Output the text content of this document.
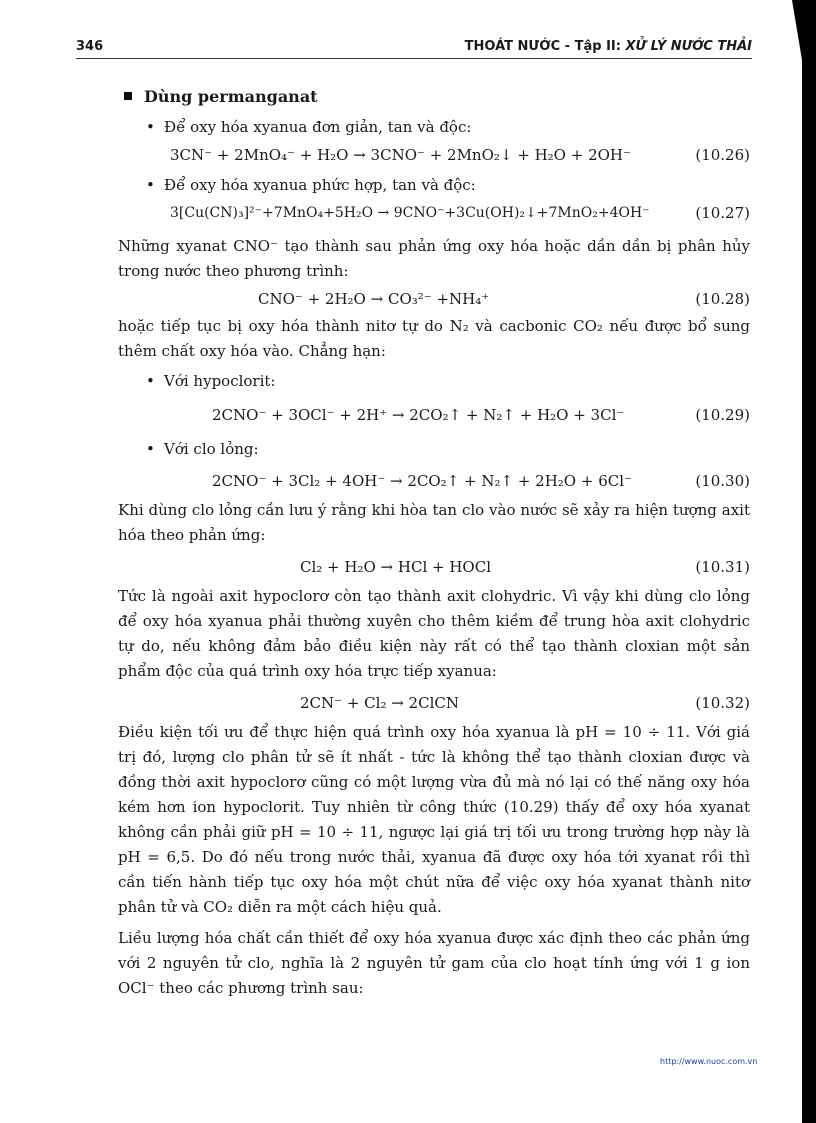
346	THOÁT NƯỚC - Tập II: XỬ LÝ NƯỚC THẢI
Dùng permanganat
• Để oxy hóa xyanua đơn giản, tan và độc:
3CN⁻ + 2MnO₄⁻ + H₂O → 3CNO⁻ + 2MnO₂↓ + H₂O + 2OH⁻	(10.26)
• Để oxy hóa xyanua phức hợp, tan và độc:
3[Cu(CN)₃]²⁻+7MnO₄+5H₂O → 9CNO⁻+3Cu(OH)₂↓+7MnO₂+4OH⁻	(10.27)
Những xyanat CNO⁻ tạo thành sau phản ứng oxy hóa hoặc dần dần bị phân hủy trong nước theo phương trình:
CNO⁻ + 2H₂O → CO₃²⁻ +NH₄⁺	(10.28)
hoặc tiếp tục bị oxy hóa thành nitơ tự do N₂ và cacbonic CO₂ nếu được bổ sung thêm chất oxy hóa vào. Chẳng hạn:
• Với hypoclorit:
2CNO⁻ + 3OCl⁻ + 2H⁺ → 2CO₂↑ + N₂↑ + H₂O + 3Cl⁻	(10.29)
• Với clo lỏng:
2CNO⁻ + 3Cl₂ + 4OH⁻ → 2CO₂↑ + N₂↑ + 2H₂O + 6Cl⁻	(10.30)
Khi dùng clo lỏng cần lưu ý rằng khi hòa tan clo vào nước sẽ xảy ra hiện tượng axit hóa theo phản ứng:
Cl₂ + H₂O → HCl + HOCl	(10.31)
Tức là ngoài axit hypoclorơ còn tạo thành axit clohydric. Vì vậy khi dùng clo lỏng để oxy hóa xyanua phải thường xuyên cho thêm kiềm để trung hòa axit clohydric tự do, nếu không đảm bảo điều kiện này rất có thể tạo thành cloxian một sản phẩm độc của quá trình oxy hóa trực tiếp xyanua:
2CN⁻ + Cl₂ → 2ClCN	(10.32)
Điều kiện tối ưu để thực hiện quá trình oxy hóa xyanua là pH = 10 ÷ 11. Với giá trị đó, lượng clo phân tử sẽ ít nhất - tức là không thể tạo thành cloxian được và đồng thời axit hypoclorơ cũng có một lượng vừa đủ mà nó lại có thế năng oxy hóa kém hơn ion hypoclorit. Tuy nhiên từ công thức (10.29) thấy để oxy hóa xyanat không cần phải giữ pH = 10 ÷ 11, ngược lại giá trị tối ưu trong trường hợp này là pH = 6,5. Do đó nếu trong nước thải, xyanua đã được oxy hóa tới xyanat rồi thì cần tiến hành tiếp tục oxy hóa một chút nữa để việc oxy hóa xyanat thành nitơ phân tử và CO₂ diễn ra một cách hiệu quả.
Liều lượng hóa chất cần thiết để oxy hóa xyanua được xác định theo các phản ứng với 2 nguyên tử clo, nghĩa là 2 nguyên tử gam của clo hoạt tính ứng với 1 g ion OCl⁻ theo các phương trình sau:
http://www.nuoc.com.vn
